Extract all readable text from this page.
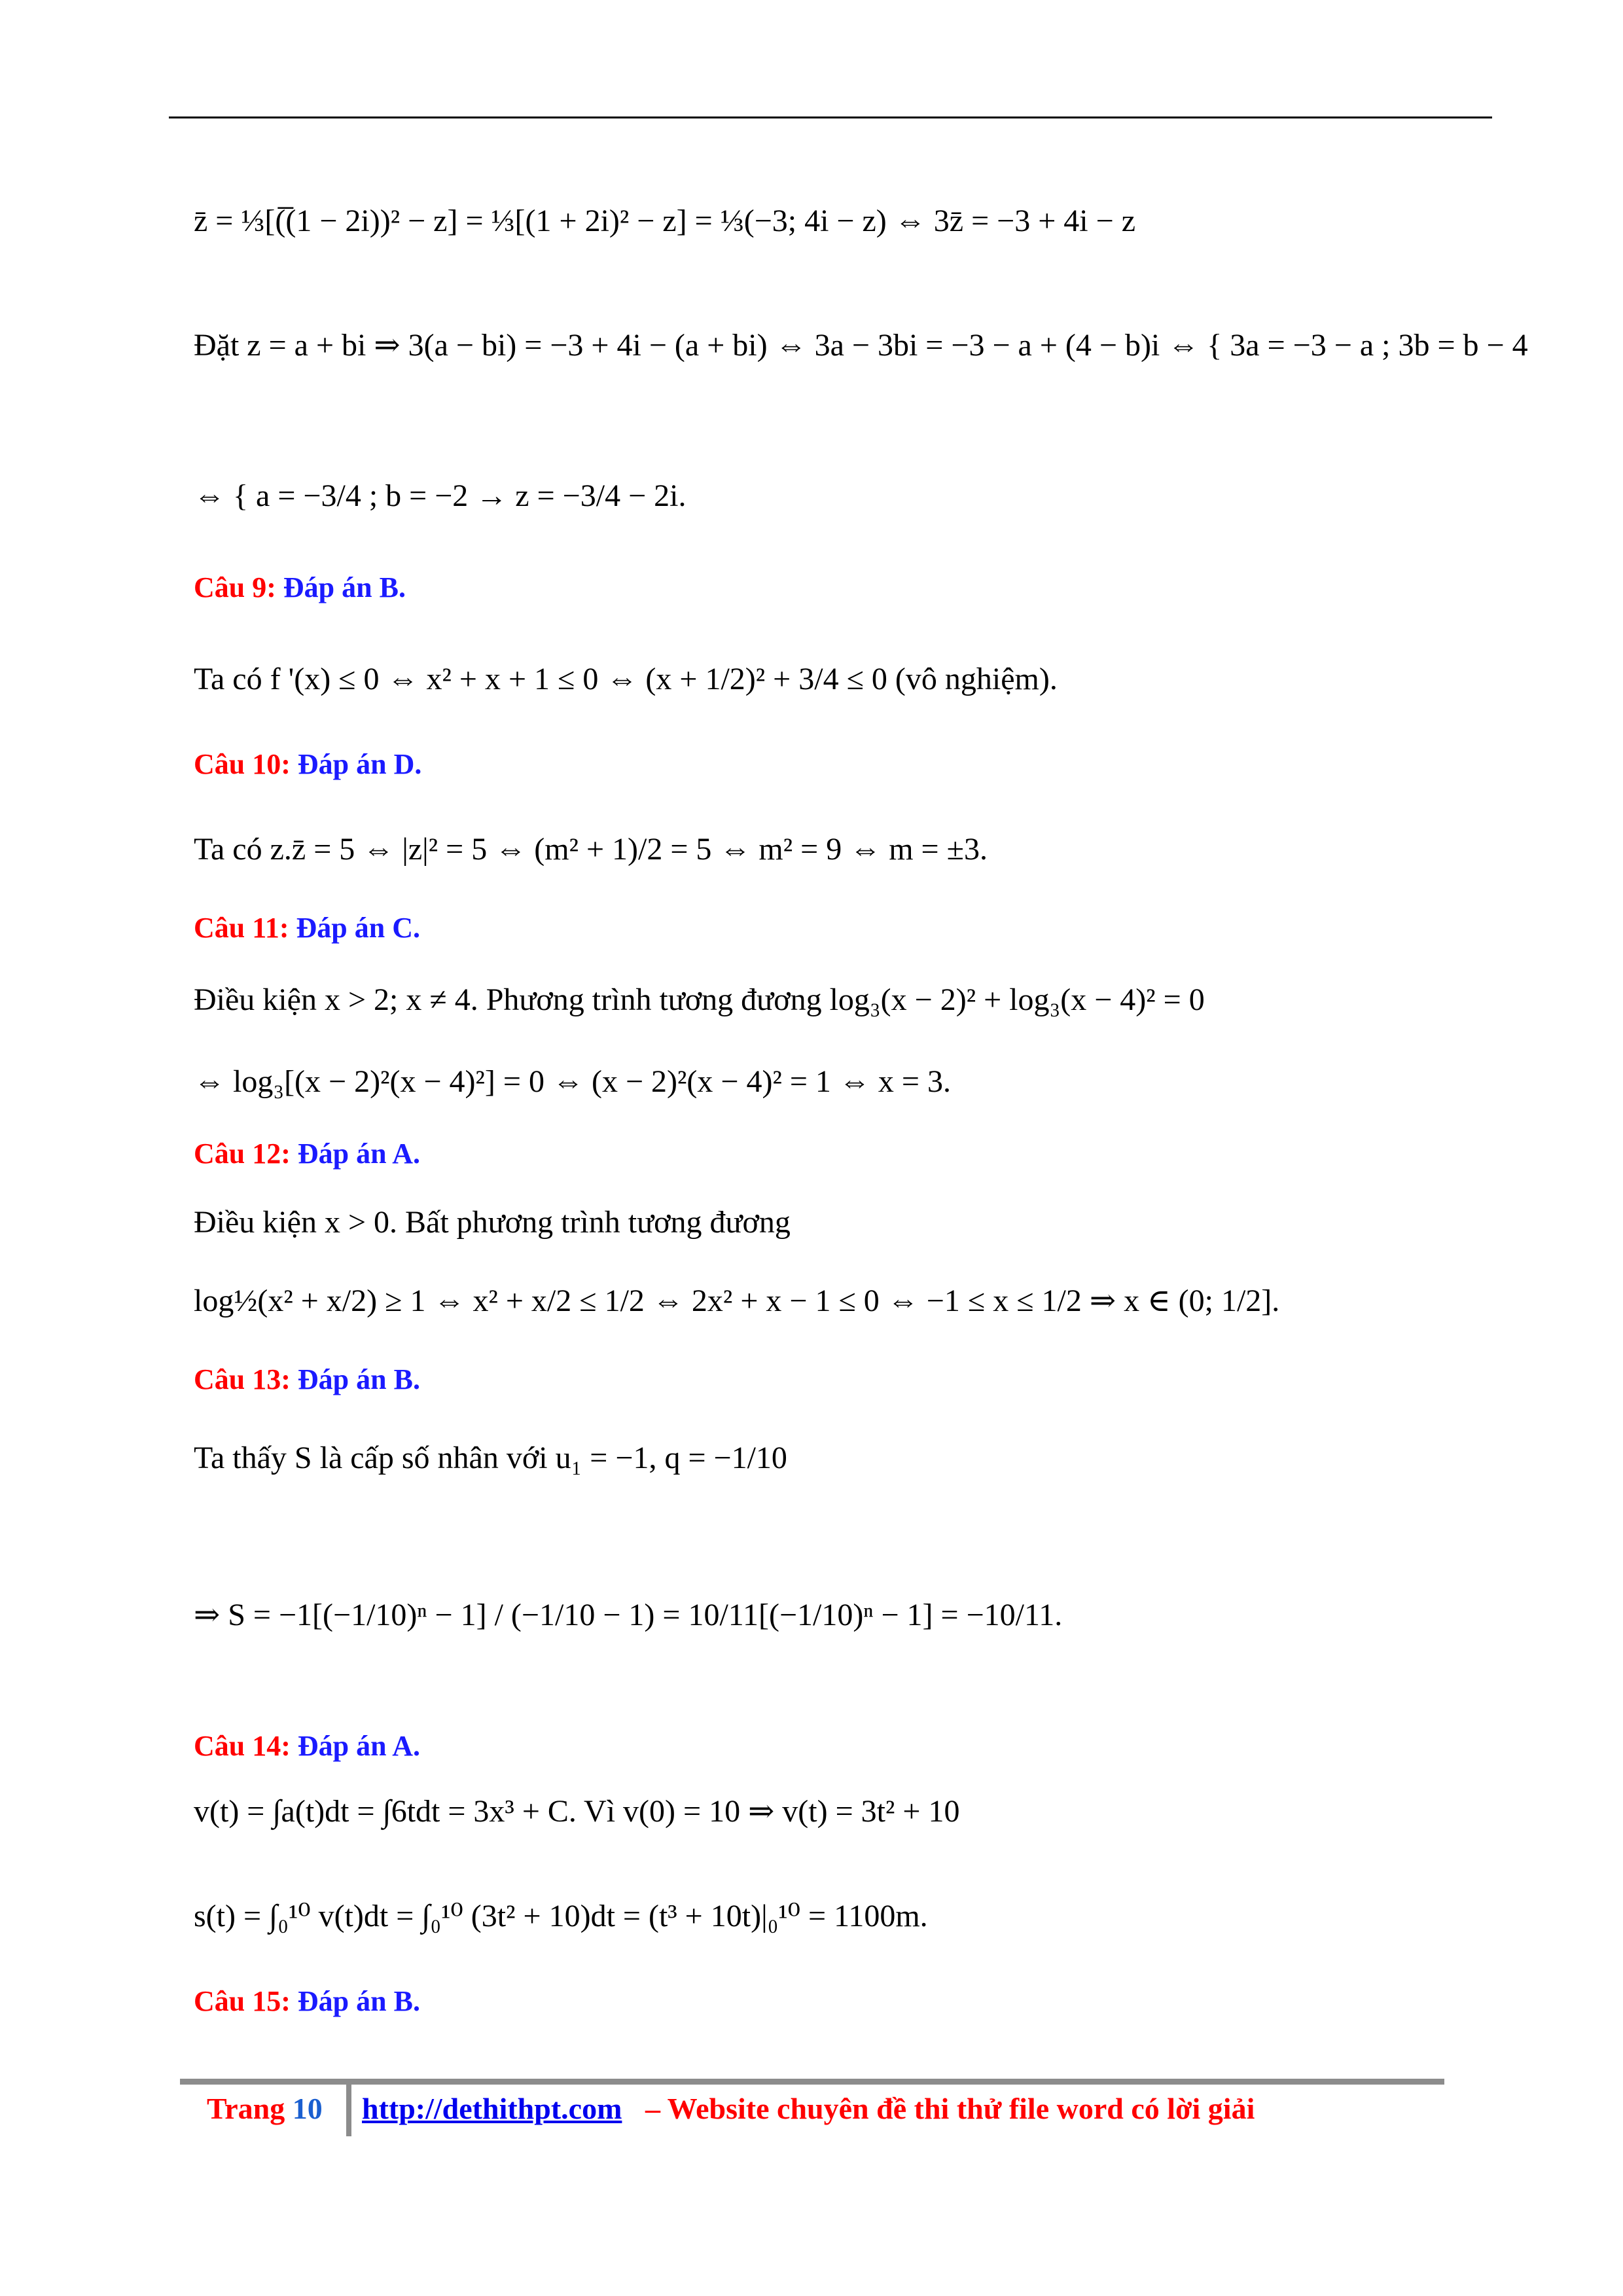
z̄ = ⅓[(̅(1 − 2i))² − z] = ⅓[(1 + 2i)² − z] = ⅓(−3; 4i − z) ⇔ 3z̄ = −3 + 4i − z
Đặt z = a + bi ⇒ 3(a − bi) = −3 + 4i − (a + bi) ⇔ 3a − 3bi = −3 − a + (4 − b)i ⇔ { 3a = −3 − a ; 3b = b − 4
⇔ { a = −3/4 ; b = −2 → z = −3/4 − 2i.
Câu 9: Đáp án B.
Ta có f '(x) ≤ 0 ⇔ x² + x + 1 ≤ 0 ⇔ (x + 1/2)² + 3/4 ≤ 0 (vô nghiệm).
Câu 10: Đáp án D.
Ta có z.z̄ = 5 ⇔ |z|² = 5 ⇔ (m² + 1)/2 = 5 ⇔ m² = 9 ⇔ m = ±3.
Câu 11: Đáp án C.
Điều kiện x > 2; x ≠ 4. Phương trình tương đương log₃(x − 2)² + log₃(x − 4)² = 0
⇔ log₃[(x − 2)²(x − 4)²] = 0 ⇔ (x − 2)²(x − 4)² = 1 ⇔ x = 3.
Câu 12: Đáp án A.
Điều kiện x > 0. Bất phương trình tương đương
log½(x² + x/2) ≥ 1 ⇔ x² + x/2 ≤ 1/2 ⇔ 2x² + x − 1 ≤ 0 ⇔ −1 ≤ x ≤ 1/2 ⇒ x ∈ (0; 1/2].
Câu 13: Đáp án B.
Ta thấy S là cấp số nhân với u₁ = −1, q = −1/10
⇒ S = −1[(−1/10)ⁿ − 1] / (−1/10 − 1) = 10/11[(−1/10)ⁿ − 1] = −10/11.
Câu 14: Đáp án A.
v(t) = ∫a(t)dt = ∫6tdt = 3x³ + C. Vì v(0) = 10 ⇒ v(t) = 3t² + 10
s(t) = ∫₀¹⁰ v(t)dt = ∫₀¹⁰ (3t² + 10)dt = (t³ + 10t)|₀¹⁰ = 1100m.
Câu 15: Đáp án B.
Trang 10 http://dethithpt.com – Website chuyên đề thi thử file word có lời giải
